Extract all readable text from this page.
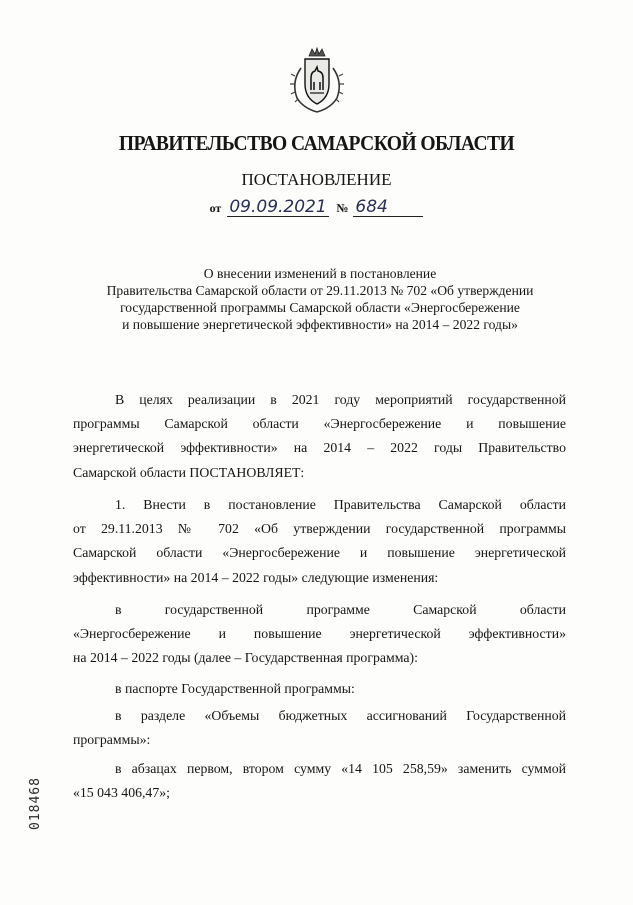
ПРАВИТЕЛЬСТВО САМАРСКОЙ ОБЛАСТИ
ПОСТАНОВЛЕНИЕ
от 09.09.2021 № 684
О внесении изменений в постановление
Правительства Самарской области от 29.11.2013 № 702 «Об утверждении
государственной программы Самарской области «Энергосбережение
и повышение энергетической эффективности» на 2014 – 2022 годы»
В целях реализации в 2021 году мероприятий государственной
программы Самарской области «Энергосбережение и повышение
энергетической эффективности» на 2014 – 2022 годы Правительство
Самарской области ПОСТАНОВЛЯЕТ:
1. Внести в постановление Правительства Самарской области
от 29.11.2013 № 702 «Об утверждении государственной программы
Самарской области «Энергосбережение и повышение энергетической
эффективности» на 2014 – 2022 годы» следующие изменения:
в государственной программе Самарской области
«Энергосбережение и повышение энергетической эффективности»
на 2014 – 2022 годы (далее – Государственная программа):
в паспорте Государственной программы:
в разделе «Объемы бюджетных ассигнований Государственной
программы»:
в абзацах первом, втором сумму «14 105 258,59» заменить суммой
«15 043 406,47»;
018468
